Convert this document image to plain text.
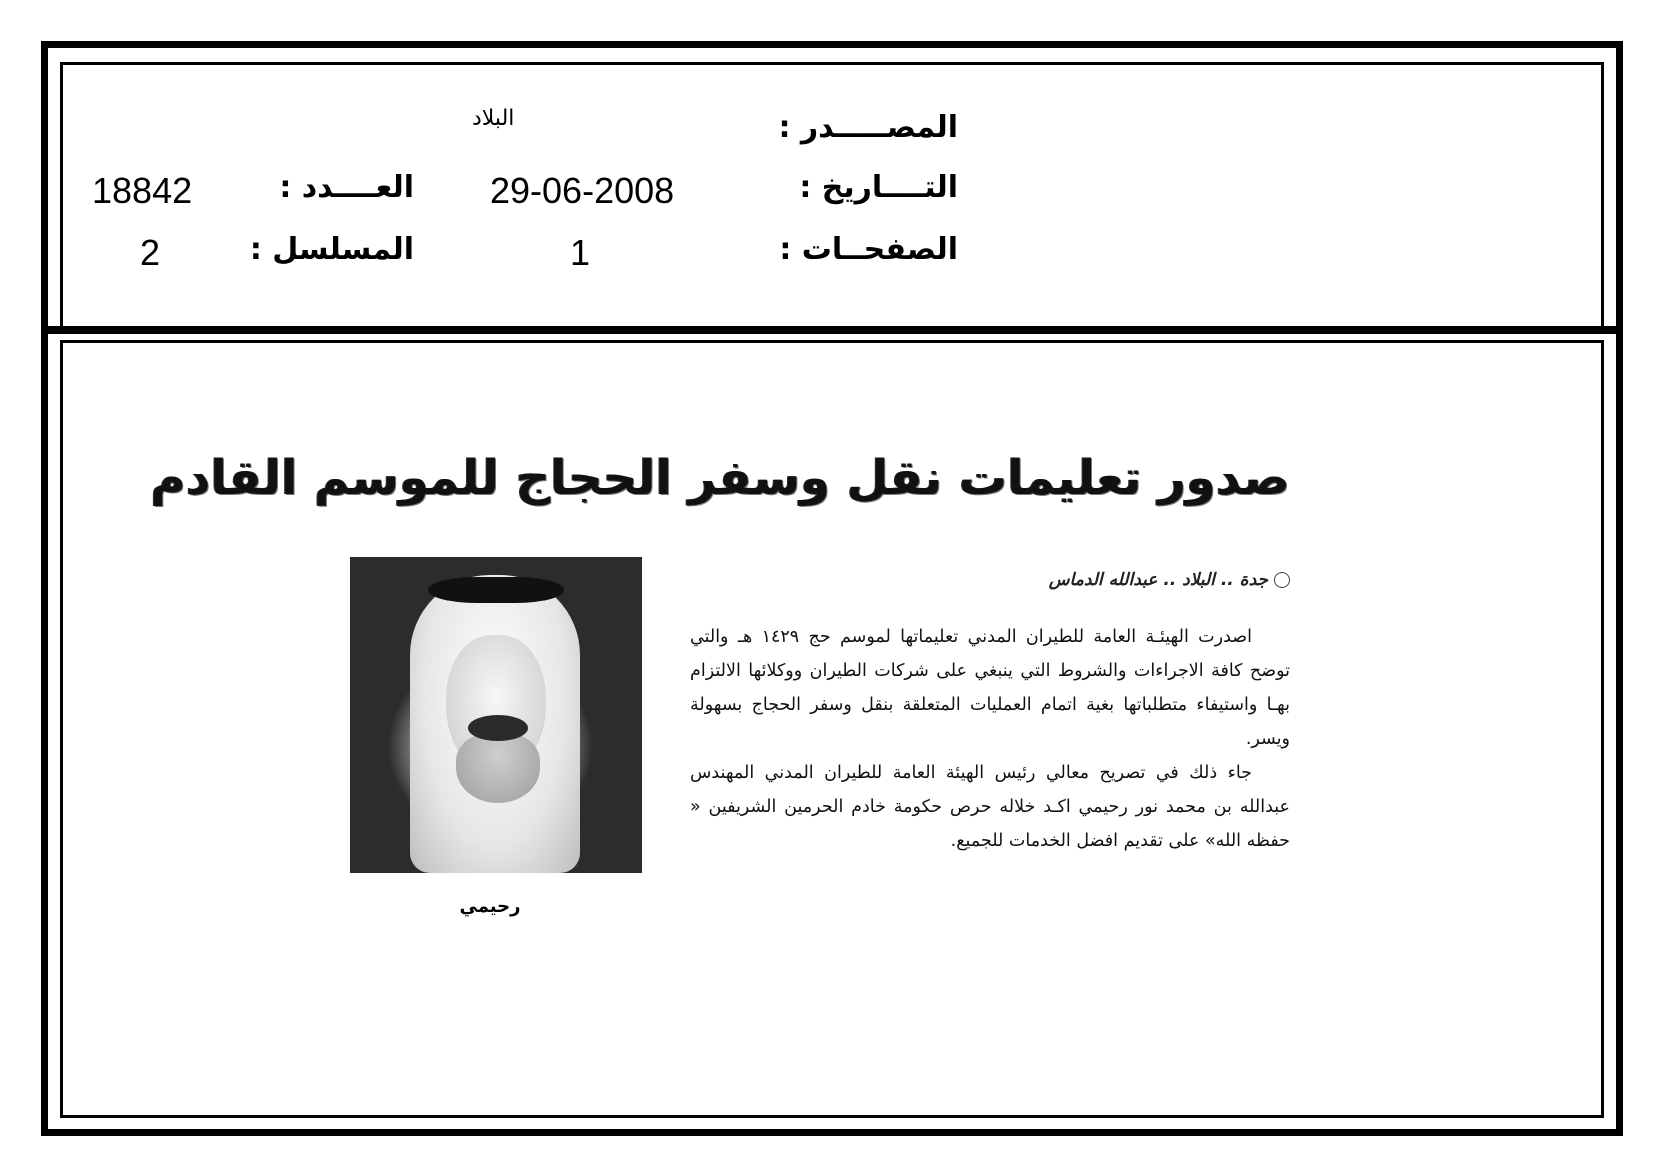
المصـــــدر :
البلاد
التــــاريخ :
29-06-2008
العــــدد :
18842
الصفحــات :
1
المسلسل :
2
صدور تعليمات نقل وسفر الحجاج للموسم القادم
رحيمي
جدة .. البلاد .. عبدالله الدماس

اصدرت الهيئـة العامة للطيران المدني تعليماتها لموسم حج ١٤٢٩ هـ والتي توضح كافة الاجراءات والشروط التي ينبغي على شركات الطيران ووكلائها الالتزام بهـا واستيفاء متطلباتها بغية اتمام العمليات المتعلقة بنقل وسفر الحجاج بسهولة ويسر.

جاء ذلك في تصريح معالي رئيس الهيئة العامة للطيران المدني المهندس عبدالله بن محمد نور رحيمي اكـد خلاله حرص حكومة خادم الحرمين الشريفين « حفظه الله» على تقديم افضل الخدمات للجميع.
